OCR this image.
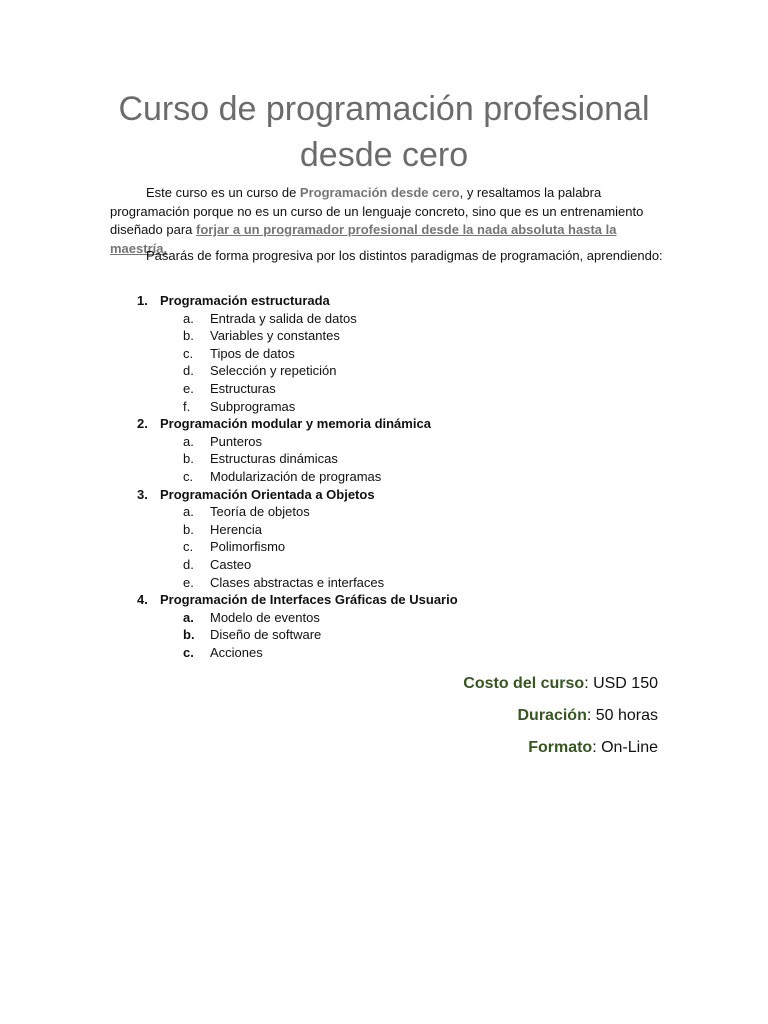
Curso de programación profesional desde cero

Este curso es un curso de Programación desde cero, y resaltamos la palabra programación porque no es un curso de un lenguaje concreto, sino que es un entrenamiento diseñado para forjar a un programador profesional desde la nada absoluta hasta la maestría.

Pasarás de forma progresiva por los distintos paradigmas de programación, aprendiendo:

1. Programación estructurada
a. Entrada y salida de datos
b. Variables y constantes
c. Tipos de datos
d. Selección y repetición
e. Estructuras
f. Subprogramas
2. Programación modular y memoria dinámica
a. Punteros
b. Estructuras dinámicas
c. Modularización de programas
3. Programación Orientada a Objetos
a. Teoría de objetos
b. Herencia
c. Polimorfismo
d. Casteo
e. Clases abstractas e interfaces
4. Programación de Interfaces Gráficas de Usuario
a. Modelo de eventos
b. Diseño de software
c. Acciones
Costo del curso: USD 150
Duración: 50 horas
Formato: On-Line
